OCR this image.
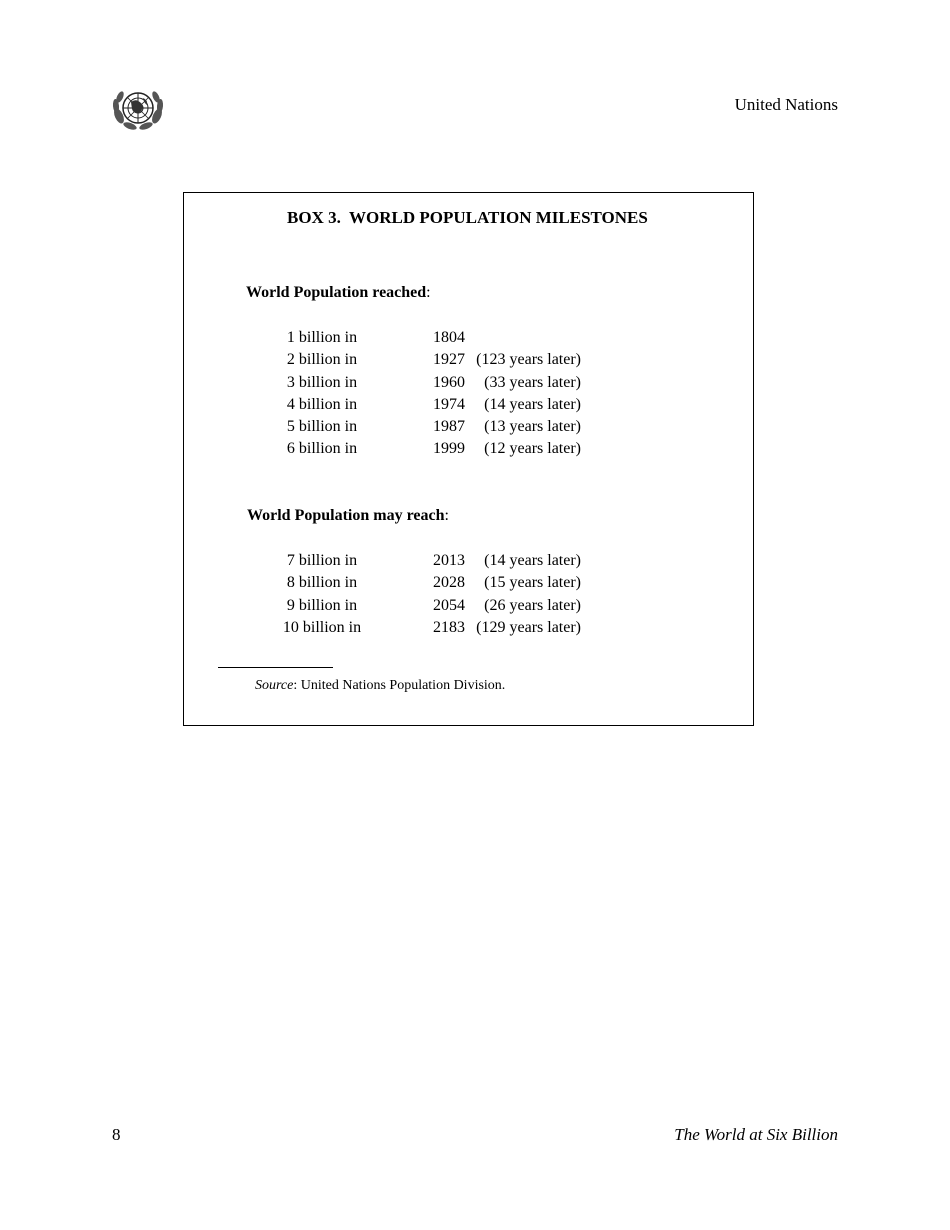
United Nations
BOX 3.  WORLD POPULATION MILESTONES
World Population reached:
1 billion in	1804
2 billion in	1927 (123 years later)
3 billion in	1960 (33 years later)
4 billion in	1974 (14 years later)
5 billion in	1987 (13 years later)
6 billion in	1999 (12 years later)
World Population may reach:
7 billion in	2013 (14 years later)
8 billion in	2028 (15 years later)
9 billion in	2054 (26 years later)
10 billion in	2183 (129 years later)
Source: United Nations Population Division.
8	The World at Six Billion
